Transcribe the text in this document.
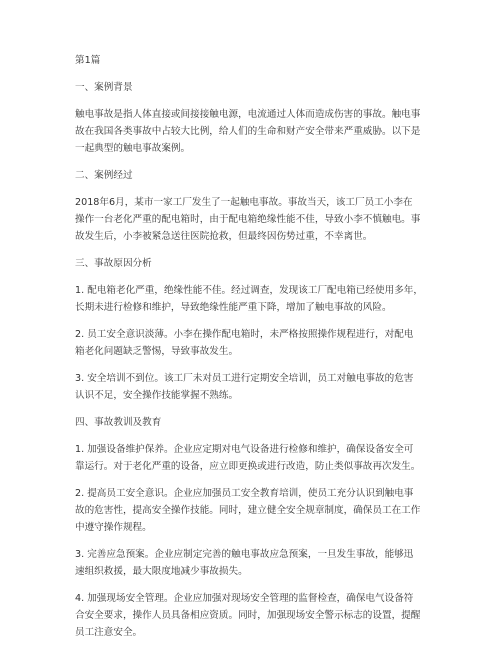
第1篇

一、案例背景

触电事故是指人体直接或间接接触电源，电流通过人体而造成伤害的事故。触电事

故在我国各类事故中占较大比例，给人们的生命和财产安全带来严重威胁。以下是

一起典型的触电事故案例。

二、案例经过

2018年6月，某市一家工厂发生了一起触电事故。事故当天，该工厂员工小李在

操作一台老化严重的配电箱时，由于配电箱绝缘性能不佳，导致小李不慎触电。事

故发生后，小李被紧急送往医院抢救，但最终因伤势过重，不幸离世。

三、事故原因分析

1. 配电箱老化严重，绝缘性能不佳。经过调查，发现该工厂配电箱已经使用多年，

长期未进行检修和维护，导致绝缘性能严重下降，增加了触电事故的风险。

2. 员工安全意识淡薄。小李在操作配电箱时，未严格按照操作规程进行，对配电

箱老化问题缺乏警惕，导致事故发生。

3. 安全培训不到位。该工厂未对员工进行定期安全培训，员工对触电事故的危害

认识不足，安全操作技能掌握不熟练。

四、事故教训及教育

1. 加强设备维护保养。企业应定期对电气设备进行检修和维护，确保设备安全可

靠运行。对于老化严重的设备，应立即更换或进行改造，防止类似事故再次发生。

2. 提高员工安全意识。企业应加强员工安全教育培训，使员工充分认识到触电事

故的危害性，提高安全操作技能。同时，建立健全安全规章制度，确保员工在工作

中遵守操作规程。

3. 完善应急预案。企业应制定完善的触电事故应急预案，一旦发生事故，能够迅

速组织救援，最大限度地减少事故损失。

4. 加强现场安全管理。企业应加强对现场安全管理的监督检查，确保电气设备符

合安全要求，操作人员具备相应资质。同时，加强现场安全警示标志的设置，提醒

员工注意安全。
